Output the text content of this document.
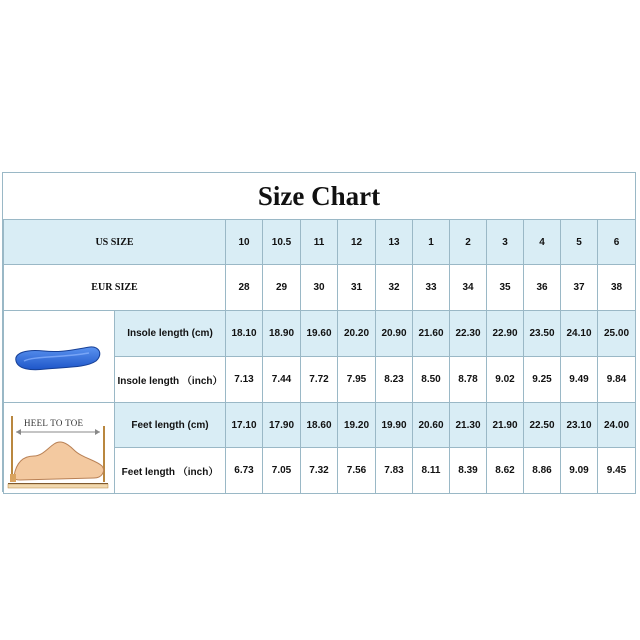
Size Chart
US SIZE	10	10.5	11	12	13	1	2	3	4	5	6
EUR SIZE	28	29	30	31	32	33	34	35	36	37	38
	Insole length (cm)	18.10	18.90	19.60	20.20	20.90	21.60	22.30	22.90	23.50	24.10	25.00
	Insole length （inch）	7.13	7.44	7.72	7.95	8.23	8.50	8.78	9.02	9.25	9.49	9.84

HEEL TO TOE	Feet length (cm)	17.10	17.90	18.60	19.20	19.90	20.60	21.30	21.90	22.50	23.10	24.00
	Feet length （inch）	6.73	7.05	7.32	7.56	7.83	8.11	8.39	8.62	8.86	9.09	9.45
